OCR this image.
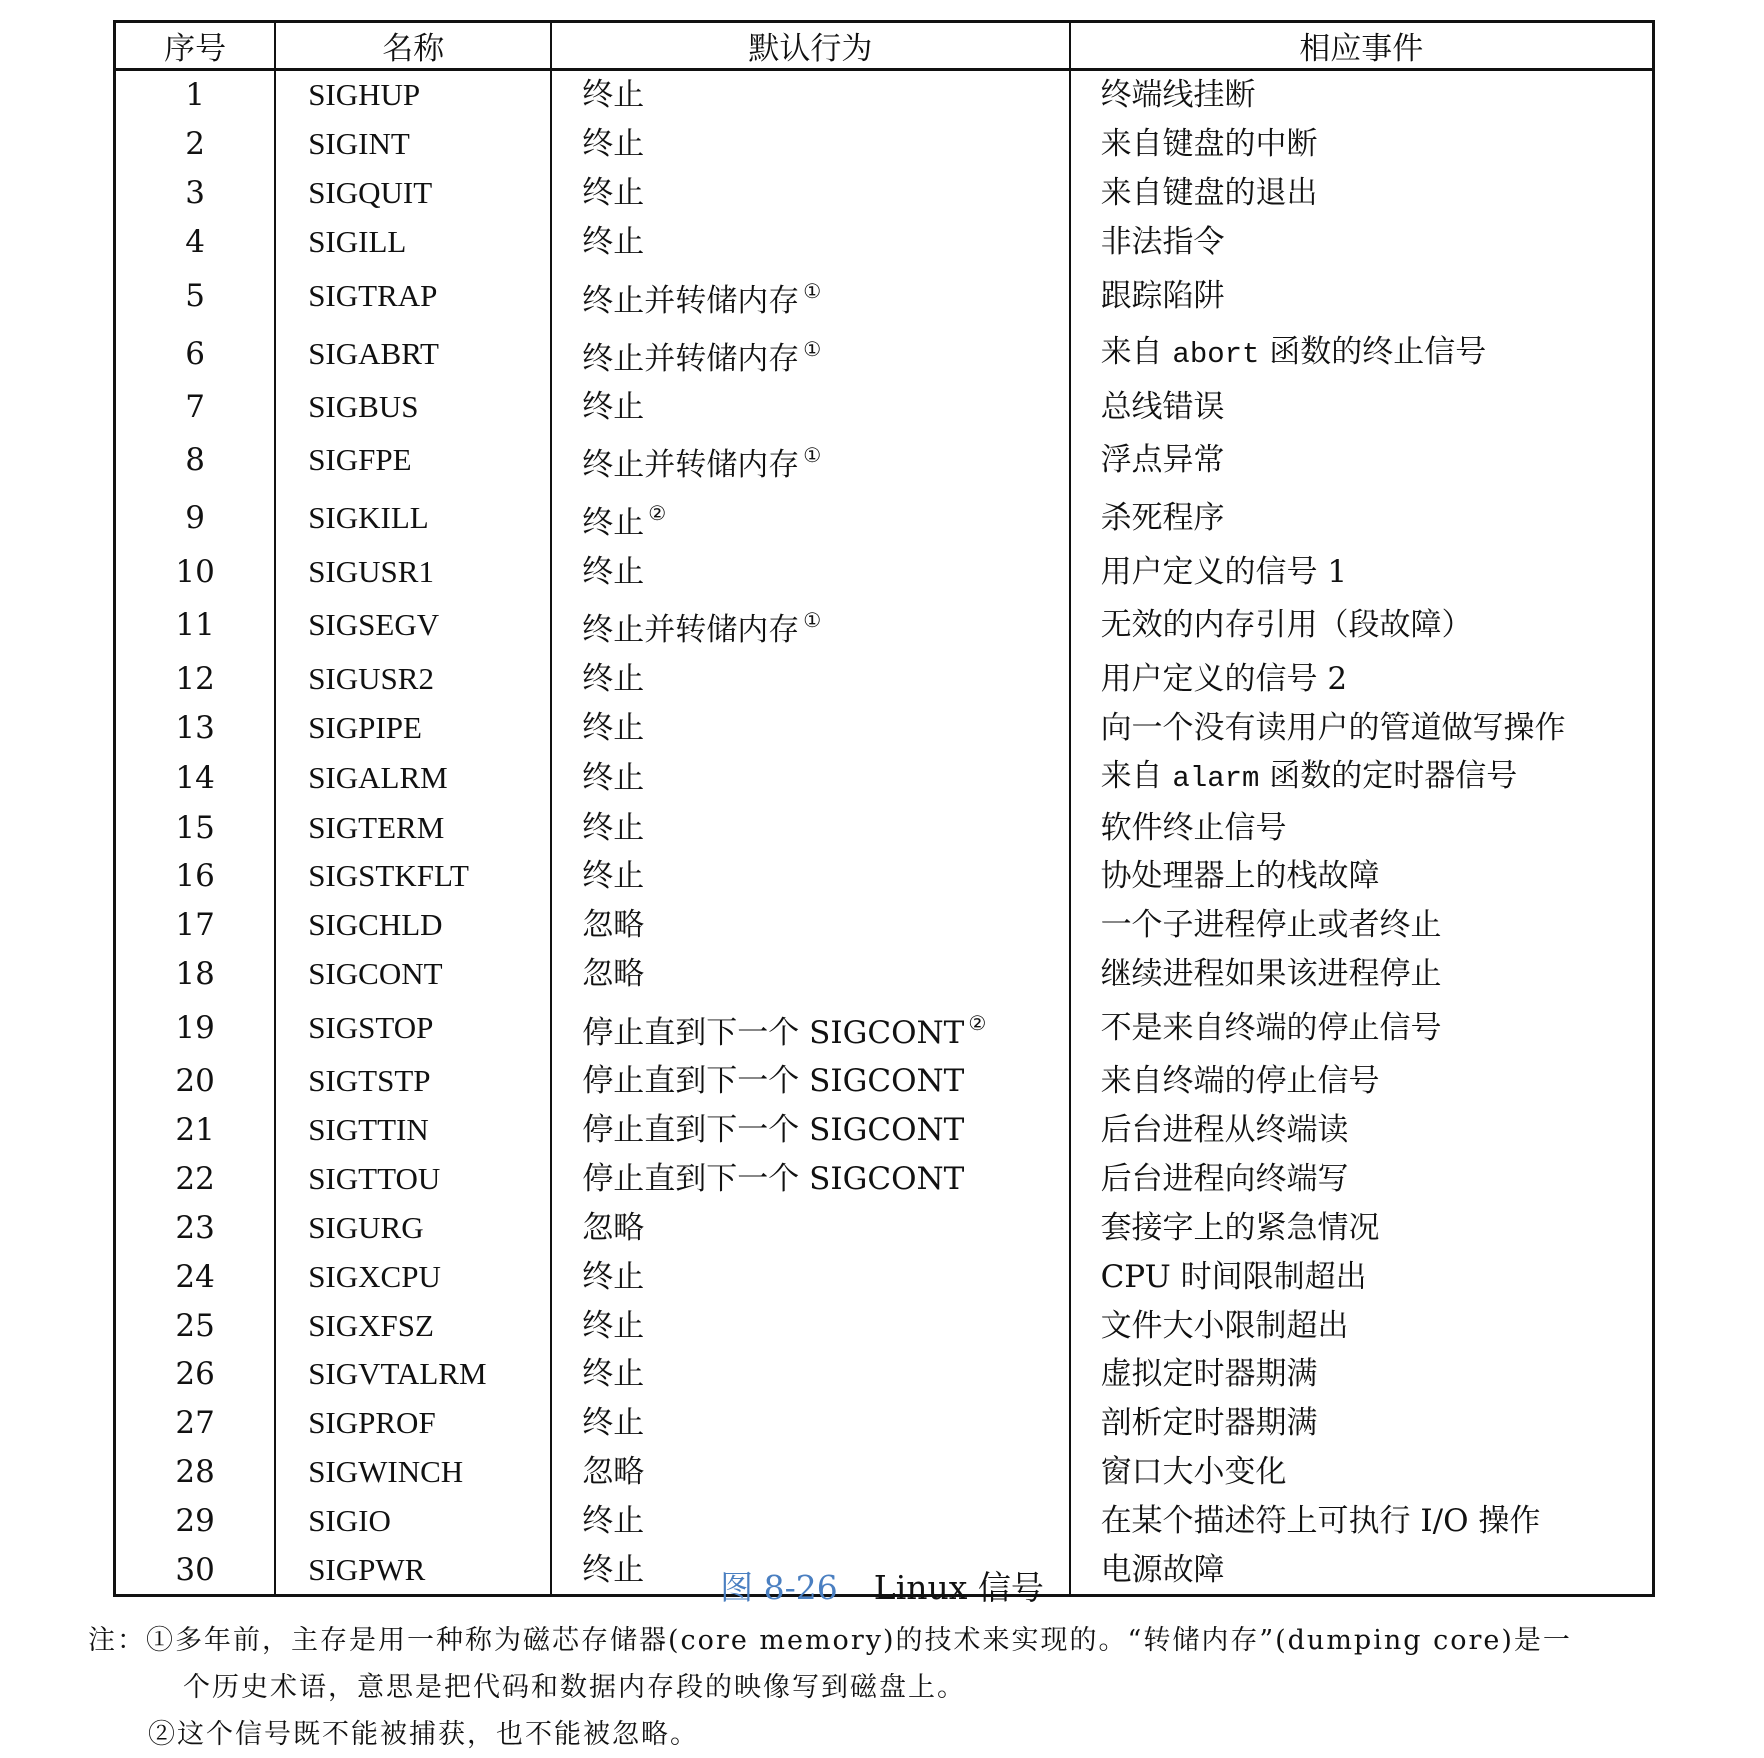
序号	名称	默认行为	相应事件
1	SIGHUP	终止	终端线挂断
2	SIGINT	终止	来自键盘的中断
3	SIGQUIT	终止	来自键盘的退出
4	SIGILL	终止	非法指令
5	SIGTRAP	终止并转储内存 ①	跟踪陷阱
6	SIGABRT	终止并转储内存 ①	来自 abort 函数的终止信号
7	SIGBUS	终止	总线错误
8	SIGFPE	终止并转储内存 ①	浮点异常
9	SIGKILL	终止 ②	杀死程序
10	SIGUSR1	终止	用户定义的信号 1
11	SIGSEGV	终止并转储内存 ①	无效的内存引用（段故障）
12	SIGUSR2	终止	用户定义的信号 2
13	SIGPIPE	终止	向一个没有读用户的管道做写操作
14	SIGALRM	终止	来自 alarm 函数的定时器信号
15	SIGTERM	终止	软件终止信号
16	SIGSTKFLT	终止	协处理器上的栈故障
17	SIGCHLD	忽略	一个子进程停止或者终止
18	SIGCONT	忽略	继续进程如果该进程停止
19	SIGSTOP	停止直到下一个 SIGCONT ②	不是来自终端的停止信号
20	SIGTSTP	停止直到下一个 SIGCONT	来自终端的停止信号
21	SIGTTIN	停止直到下一个 SIGCONT	后台进程从终端读
22	SIGTTOU	停止直到下一个 SIGCONT	后台进程向终端写
23	SIGURG	忽略	套接字上的紧急情况
24	SIGXCPU	终止	CPU 时间限制超出
25	SIGXFSZ	终止	文件大小限制超出
26	SIGVTALRM	终止	虚拟定时器期满
27	SIGPROF	终止	剖析定时器期满
28	SIGWINCH	忽略	窗口大小变化
29	SIGIO	终止	在某个描述符上可执行 I/O 操作
30	SIGPWR	终止	电源故障
图 8-26 Linux 信号
注：①多年前，主存是用一种称为磁芯存储器(core memory)的技术来实现的。“转储内存”(dumping core)是一
个历史术语，意思是把代码和数据内存段的映像写到磁盘上。
②这个信号既不能被捕获，也不能被忽略。
